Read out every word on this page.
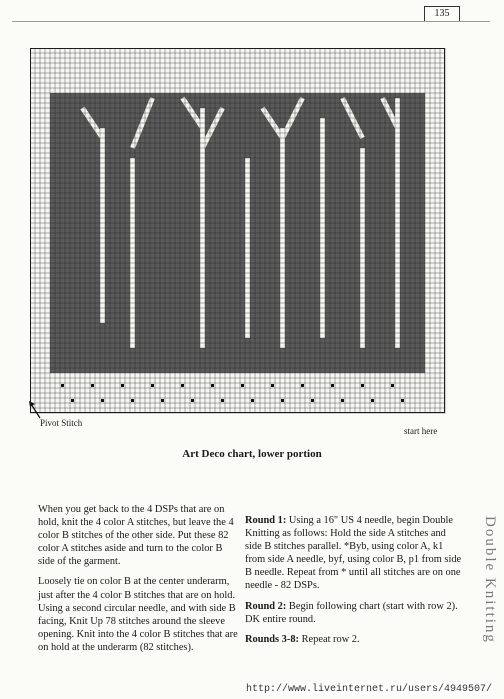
135
Pivot Stitch
start here
Art Deco chart, lower portion

When you get back to the 4 DSPs that are on hold, knit the 4 color A stitches, but leave the 4 color B stitches of the other side. Put these 82 color A stitches aside and turn to the color B side of the garment.

Loosely tie on color B at the center underarm, just after the 4 color B stitches that are on hold. Using a second circular needle, and with side B facing, Knit Up 78 stitches around the sleeve opening. Knit into the 4 color B stitches that are on hold at the underarm (82 stitches).

Round 1: Using a 16" US 4 needle, begin Double Knitting as follows: Hold the side A stitches and side B stitches parallel. *Byb, using color A, k1 from side A needle, byf, using color B, p1 from side B needle. Repeat from * until all stitches are on one needle - 82 DSPs.

Round 2: Begin following chart (start with row 2). DK entire round.

Rounds 3-8: Repeat row 2.	Double Knitting
http://www.liveinternet.ru/users/4949507/
